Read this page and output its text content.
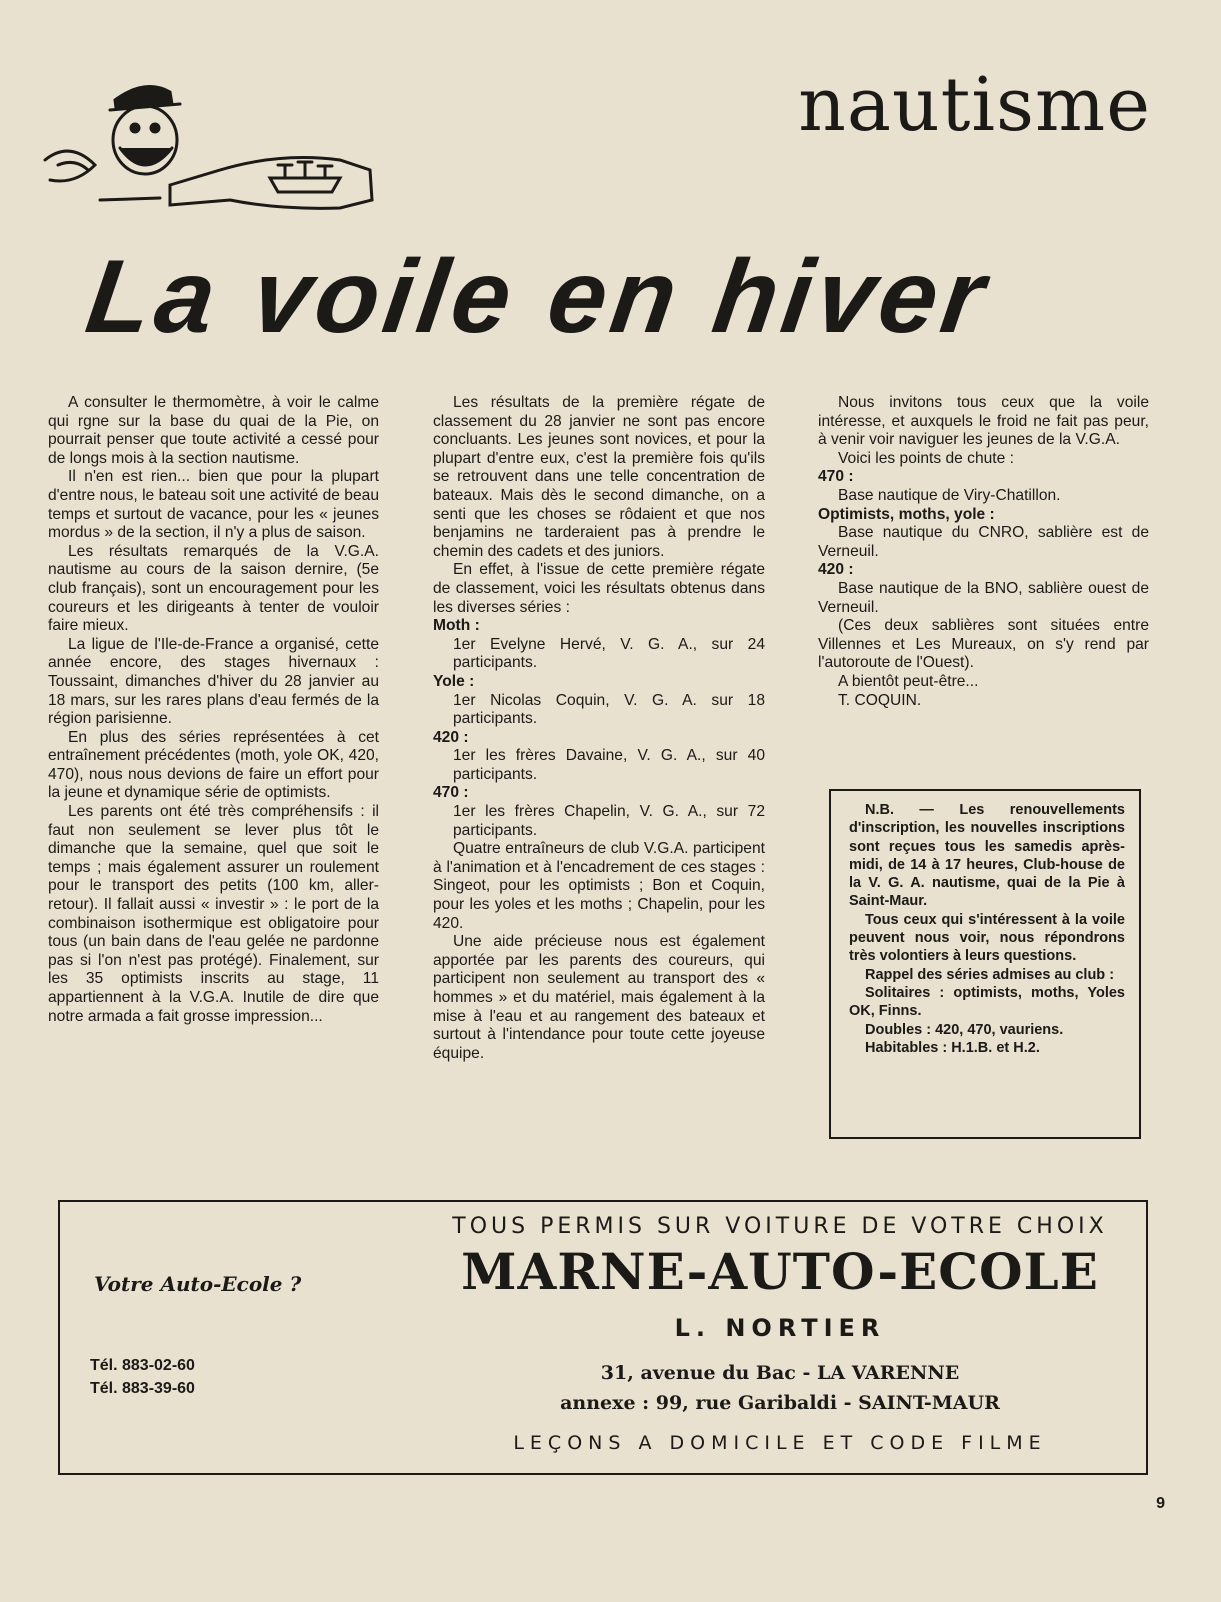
nautisme
La voile en hiver

A consulter le thermomètre, à voir le calme qui rgne sur la base du quai de la Pie, on pourrait penser que toute activité a cessé pour de longs mois à la section nautisme.

Il n'en est rien... bien que pour la plupart d'entre nous, le bateau soit une activité de beau temps et surtout de vacance, pour les « jeunes mordus » de la section, il n'y a plus de saison.

Les résultats remarqués de la V.G.A. nautisme au cours de la saison dernire, (5e club français), sont un encouragement pour les coureurs et les dirigeants à tenter de vouloir faire mieux.

La ligue de l'Ile-de-France a organisé, cette année encore, des stages hivernaux : Toussaint, dimanches d'hiver du 28 janvier au 18 mars, sur les rares plans d'eau fermés de la région parisienne.

En plus des séries représentées à cet entraînement précédentes (moth, yole OK, 420, 470), nous nous devions de faire un effort pour la jeune et dynamique série de optimists.

Les parents ont été très compréhensifs : il faut non seulement se lever plus tôt le dimanche que la semaine, quel que soit le temps ; mais également assurer un roulement pour le transport des petits (100 km, aller-retour). Il fallait aussi « investir » : le port de la combinaison isothermique est obligatoire pour tous (un bain dans de l'eau gelée ne pardonne pas si l'on n'est pas protégé). Finalement, sur les 35 optimists inscrits au stage, 11 appartiennent à la V.G.A. Inutile de dire que notre armada a fait grosse impression...

Les résultats de la première régate de classement du 28 janvier ne sont pas encore concluants. Les jeunes sont novices, et pour la plupart d'entre eux, c'est la première fois qu'ils se retrouvent dans une telle concentration de bateaux. Mais dès le second dimanche, on a senti que les choses se rôdaient et que nos benjamins ne tarderaient pas à prendre le chemin des cadets et des juniors.

En effet, à l'issue de cette première régate de classement, voici les résultats obtenus dans les diverses séries :

Moth :

1er Evelyne Hervé, V. G. A., sur 24 participants.

Yole :

1er Nicolas Coquin, V. G. A. sur 18 participants.

420 :

1er les frères Davaine, V. G. A., sur 40 participants.

470 :

1er les frères Chapelin, V. G. A., sur 72 participants.

Quatre entraîneurs de club V.G.A. participent à l'animation et à l'encadrement de ces stages : Singeot, pour les optimists ; Bon et Coquin, pour les yoles et les moths ; Chapelin, pour les 420.

Une aide précieuse nous est également apportée par les parents des coureurs, qui participent non seulement au transport des « hommes » et du matériel, mais également à la mise à l'eau et au rangement des bateaux et surtout à l'intendance pour toute cette joyeuse équipe.

Nous invitons tous ceux que la voile intéresse, et auxquels le froid ne fait pas peur, à venir voir naviguer les jeunes de la V.G.A.

Voici les points de chute :

470 :

Base nautique de Viry-Chatillon.

Optimists, moths, yole :

Base nautique du CNRO, sablière est de Verneuil.

420 :

Base nautique de la BNO, sablière ouest de Verneuil.

(Ces deux sablières sont situées entre Villennes et Les Mureaux, on s'y rend par l'autoroute de l'Ouest).

A bientôt peut-être...

T. COQUIN.

N.B. — Les renouvellements d'inscription, les nouvelles inscriptions sont reçues tous les samedis après-midi, de 14 à 17 heures, Club-house de la V. G. A. nautisme, quai de la Pie à Saint-Maur.

Tous ceux qui s'intéressent à la voile peuvent nous voir, nous répondrons très volontiers à leurs questions.

Rappel des séries admises au club :

Solitaires : optimists, moths, Yoles OK, Finns.

Doubles : 420, 470, vauriens.

Habitables : H.1.B. et H.2.

Votre Auto-Ecole ?
Tél. 883-02-60
Tél. 883-39-60
TOUS PERMIS SUR VOITURE DE VOTRE CHOIX
MARNE-AUTO-ECOLE
L. NORTIER
31, avenue du Bac - LA VARENNE
annexe : 99, rue Garibaldi - SAINT-MAUR
LEÇONS A DOMICILE ET CODE FILME
9
